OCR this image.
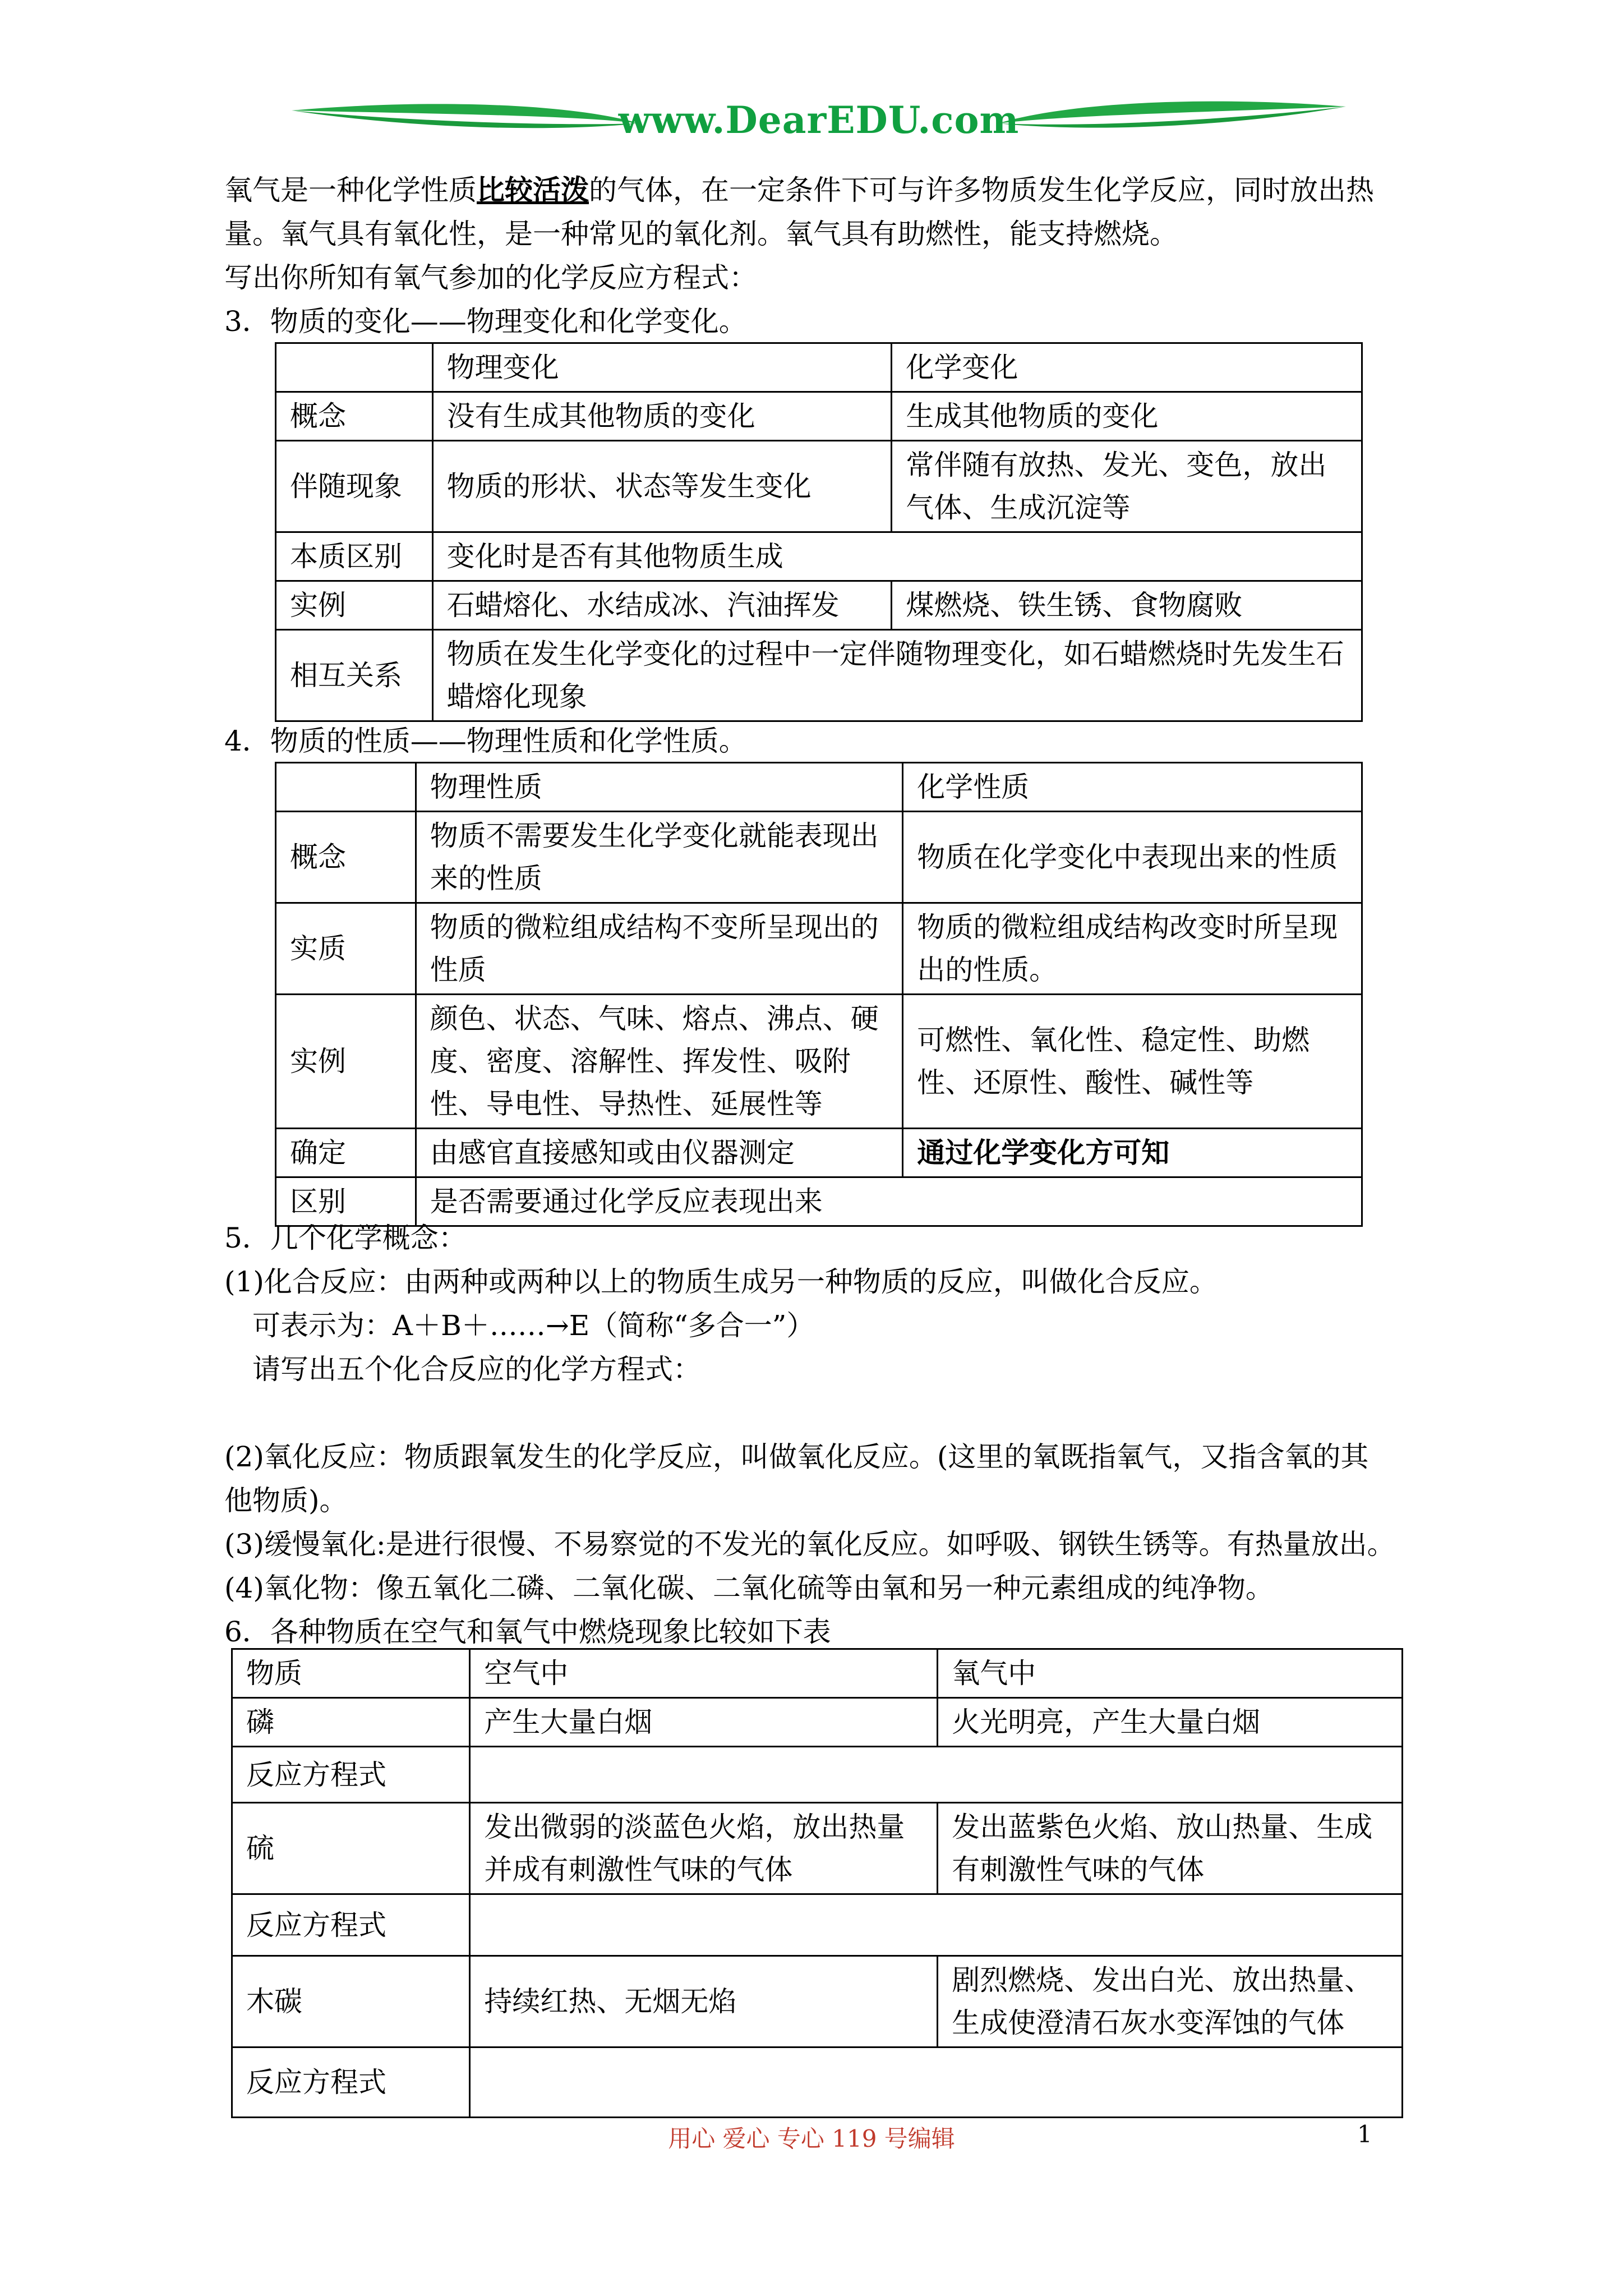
www.DearEDU.com
氧气是一种化学性质比较活泼的气体，在一定条件下可与许多物质发生化学反应，同时放出热
量。氧气具有氧化性，是一种常见的氧化剂。氧气具有助燃性，能支持燃烧。
写出你所知有氧气参加的化学反应方程式：
3．物质的变化——物理变化和化学变化。
	物理变化	化学变化
概念	没有生成其他物质的变化	生成其他物质的变化
伴随现象	物质的形状、状态等发生变化	常伴随有放热、发光、变色，放出气体、生成沉淀等
本质区别	变化时是否有其他物质生成	
实例	石蜡熔化、水结成冰、汽油挥发	煤燃烧、铁生锈、食物腐败
相互关系	物质在发生化学变化的过程中一定伴随物理变化，如石蜡燃烧时先发生石蜡熔化现象	
4．物质的性质——物理性质和化学性质。
	物理性质	化学性质
概念	物质不需要发生化学变化就能表现出来的性质	物质在化学变化中表现出来的性质
实质	物质的微粒组成结构不变所呈现出的性质	物质的微粒组成结构改变时所呈现出的性质。
实例	颜色、状态、气味、熔点、沸点、硬度、密度、溶解性、挥发性、吸附性、导电性、导热性、延展性等	可燃性、氧化性、稳定性、助燃性、还原性、酸性、碱性等
确定	由感官直接感知或由仪器测定	通过化学变化方可知
区别	是否需要通过化学反应表现出来	
5．几个化学概念：
(1)化合反应：由两种或两种以上的物质生成另一种物质的反应，叫做化合反应。
可表示为：A＋B＋……→E（简称“多合一”）
请写出五个化合反应的化学方程式：
(2)氧化反应：物质跟氧发生的化学反应，叫做氧化反应。(这里的氧既指氧气，又指含氧的其
他物质)。
(3)缓慢氧化:是进行很慢、不易察觉的不发光的氧化反应。如呼吸、钢铁生锈等。有热量放出。
(4)氧化物：像五氧化二磷、二氧化碳、二氧化硫等由氧和另一种元素组成的纯净物。
6．各种物质在空气和氧气中燃烧现象比较如下表
物质	空气中	氧气中
磷	产生大量白烟	火光明亮，产生大量白烟
反应方程式		
硫	发出微弱的淡蓝色火焰，放出热量并成有刺激性气味的气体	发出蓝紫色火焰、放山热量、生成有刺激性气味的气体
反应方程式		
木碳	持续红热、无烟无焰	剧烈燃烧、发出白光、放出热量、生成使澄清石灰水变浑蚀的气体
反应方程式		
用心 爱心 专心 119 号编辑	1
